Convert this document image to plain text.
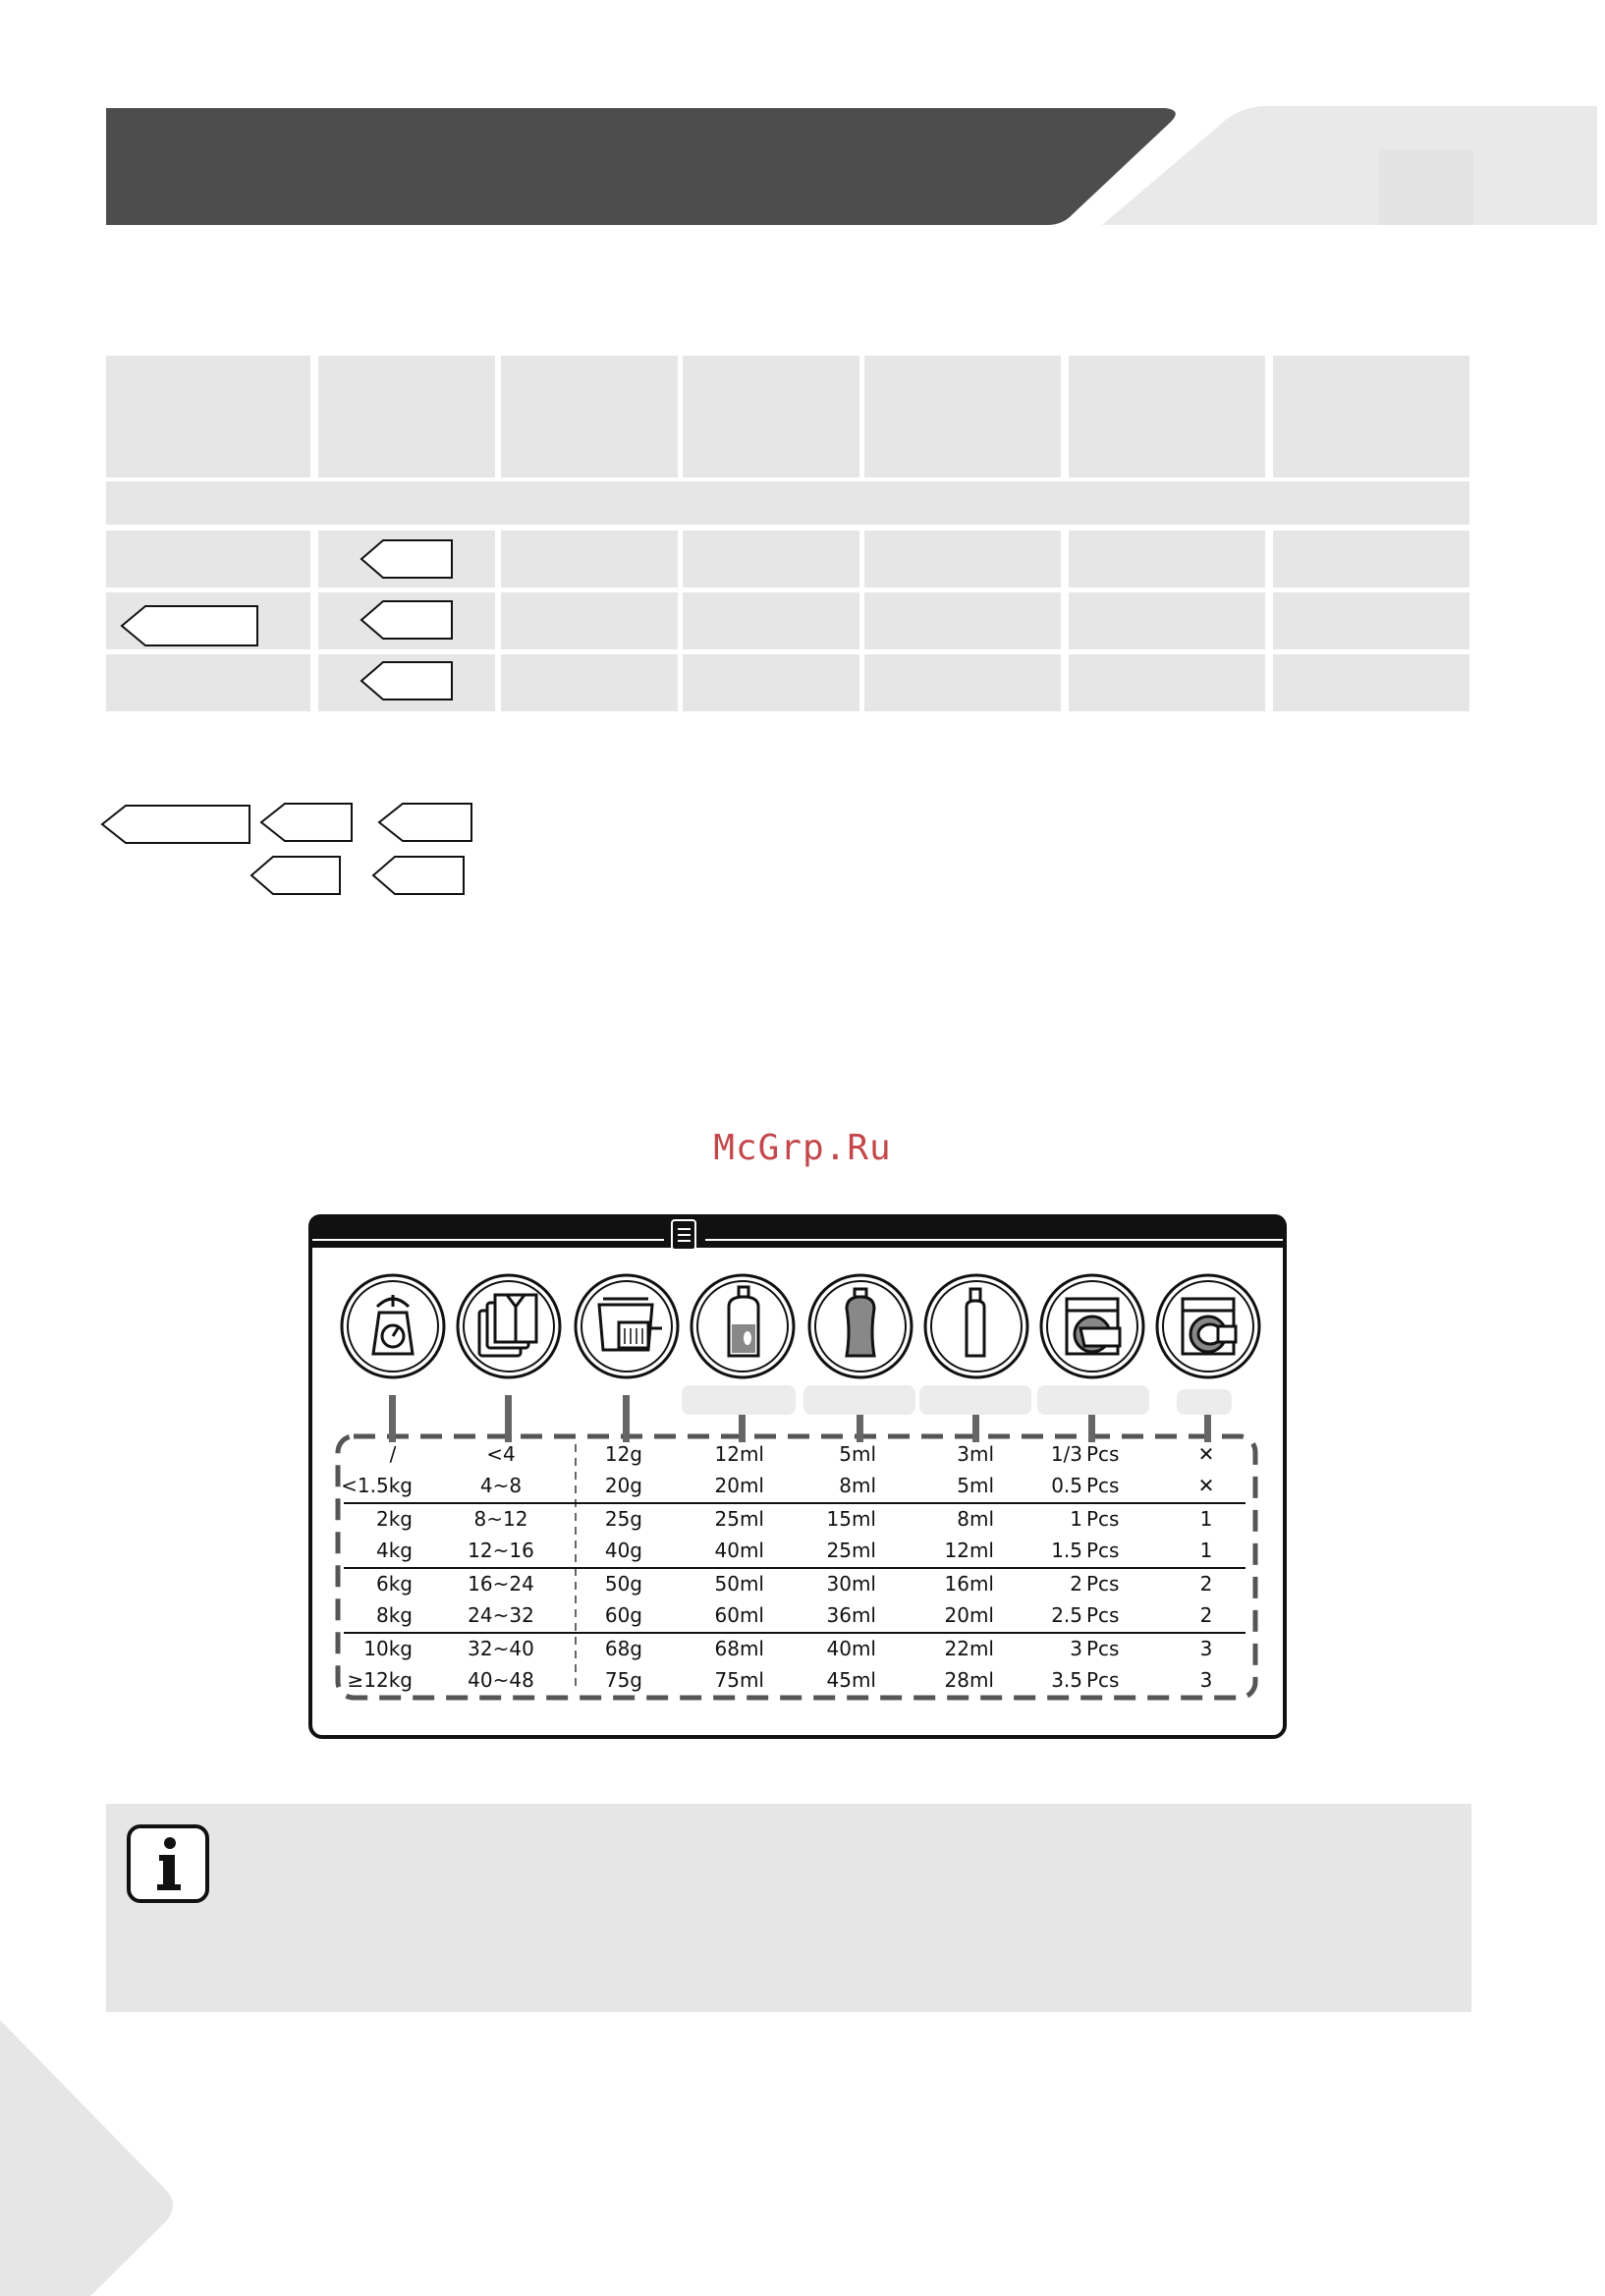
McGrp.Ru
/	<4	12g	12ml	5ml	3ml	1/3 Pcs	✕
<1.5kg	4~8	20g	20ml	8ml	5ml	0.5 Pcs	✕
2kg	8~12	25g	25ml	15ml	8ml	1 Pcs	1
4kg	12~16	40g	40ml	25ml	12ml	1.5 Pcs	1
6kg	16~24	50g	50ml	30ml	16ml	2 Pcs	2
8kg	24~32	60g	60ml	36ml	20ml	2.5 Pcs	2
10kg	32~40	68g	68ml	40ml	22ml	3 Pcs	3
≥12kg	40~48	75g	75ml	45ml	28ml	3.5 Pcs	3
